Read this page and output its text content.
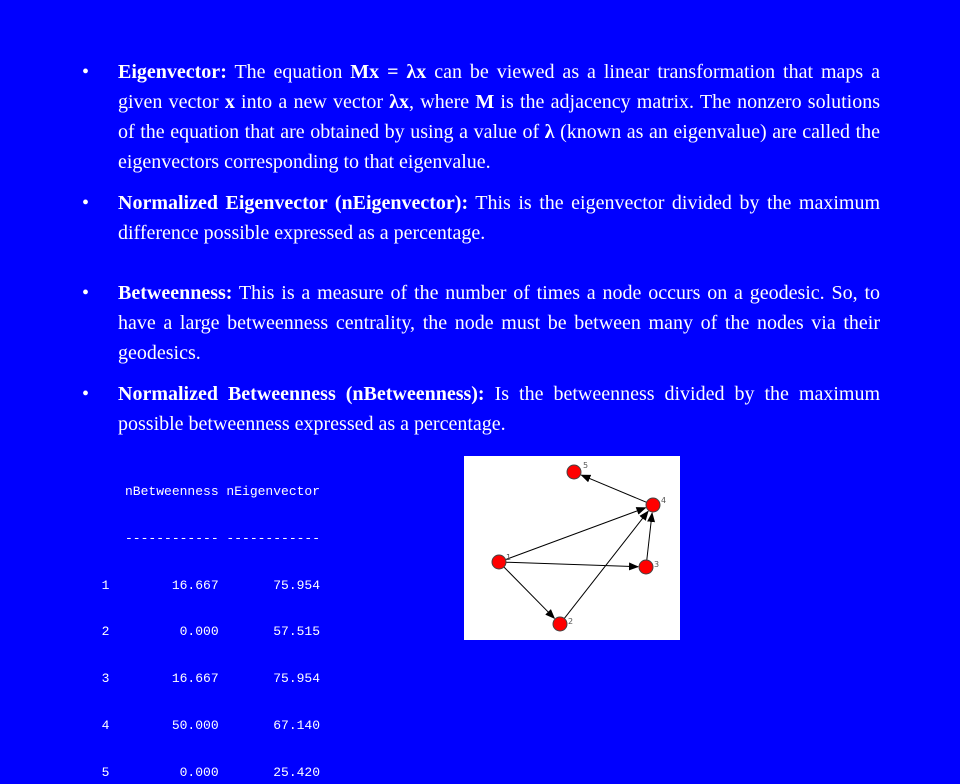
• Eigenvector: The equation Mx = λx can be viewed as a linear transformation that maps a given vector x into a new vector λx, where M is the adjacency matrix. The nonzero solutions of the equation that are obtained by using a value of λ (known as an eigenvalue) are called the eigenvectors corresponding to that eigenvalue.
• Normalized Eigenvector (nEigenvector): This is the eigenvector divided by the maximum difference possible expressed as a percentage.
• Betweenness: This is a measure of the number of times a node occurs on a geodesic. So, to have a large betweenness centrality, the node must be between many of the nodes via their geodesics.
• Normalized Betweenness (nBetweenness): Is the betweenness divided by the maximum possible betweenness expressed as a percentage.
nBetweenness nEigenvector

------------ ------------

1        16.667       75.954

2         0.000       57.515

3        16.667       75.954

4        50.000       67.140

5         0.000       25.420
1
2
3
4
5
